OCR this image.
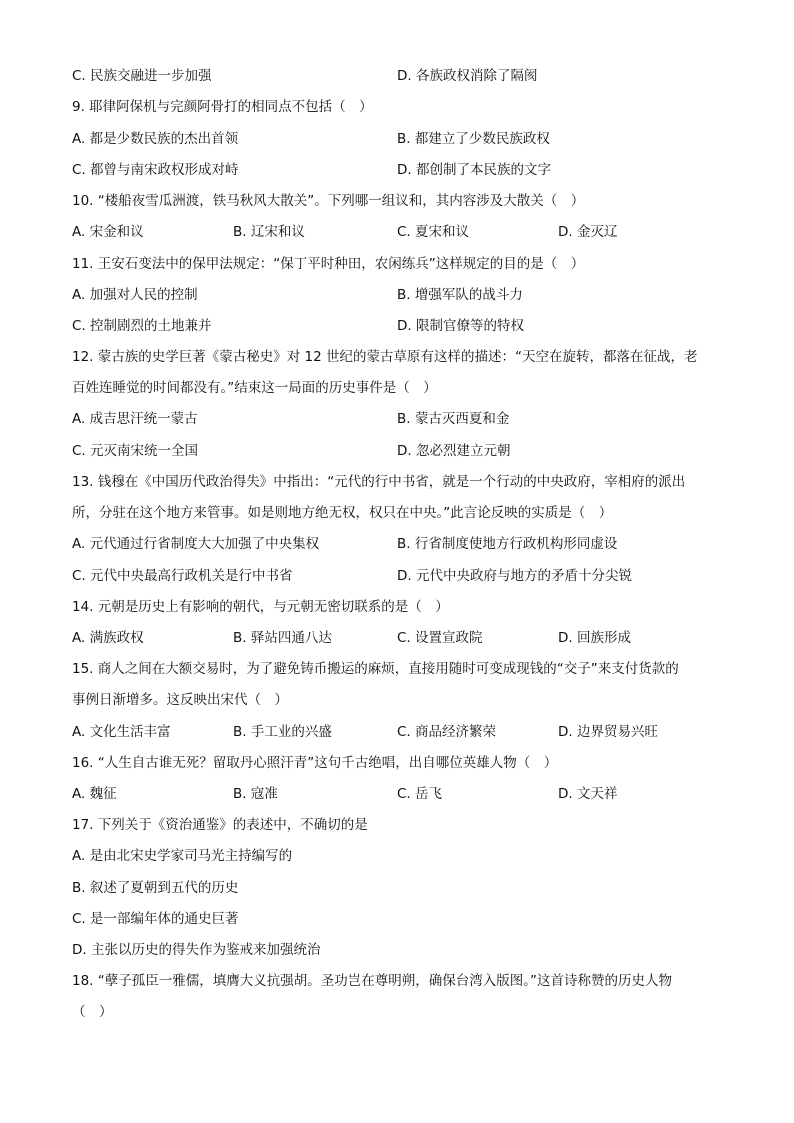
C. 民族交融进一步加强	D. 各族政权消除了隔阂
9. 耶律阿保机与完颜阿骨打的相同点不包括（　）
A. 都是少数民族的杰出首领	B. 都建立了少数民族政权
C. 都曾与南宋政权形成对峙	D. 都创制了本民族的文字
10. “楼船夜雪瓜洲渡，铁马秋风大散关”。下列哪一组议和，其内容涉及大散关（　）
A. 宋金和议	B. 辽宋和议	C. 夏宋和议	D. 金灭辽
11. 王安石变法中的保甲法规定：“保丁平时种田，农闲练兵”这样规定的目的是（　）
A. 加强对人民的控制	B. 增强军队的战斗力
C. 控制剧烈的土地兼并	D. 限制官僚等的特权
12. 蒙古族的史学巨著《蒙古秘史》对 12 世纪的蒙古草原有这样的描述：“天空在旋转，都落在征战，老
百姓连睡觉的时间都没有。”结束这一局面的历史事件是（　）
A. 成吉思汗统一蒙古	B. 蒙古灭西夏和金
C. 元灭南宋统一全国	D. 忽必烈建立元朝
13. 钱穆在《中国历代政治得失》中指出：“元代的行中书省，就是一个行动的中央政府，宰相府的派出
所，分驻在这个地方来管事。如是则地方绝无权，权只在中央。”此言论反映的实质是（　）
A. 元代通过行省制度大大加强了中央集权	B. 行省制度使地方行政机构形同虚设
C. 元代中央最高行政机关是行中书省	D. 元代中央政府与地方的矛盾十分尖锐
14. 元朝是历史上有影响的朝代，与元朝无密切联系的是（　）
A. 满族政权	B. 驿站四通八达	C. 设置宣政院	D. 回族形成
15. 商人之间在大额交易时，为了避免铸币搬运的麻烦，直接用随时可变成现钱的“交子”来支付货款的
事例日渐增多。这反映出宋代（　）
A. 文化生活丰富	B. 手工业的兴盛	C. 商品经济繁荣	D. 边界贸易兴旺
16. “人生自古谁无死？留取丹心照汗青”这句千古绝唱，出自哪位英雄人物（　）
A. 魏征	B. 寇准	C. 岳飞	D. 文天祥
17. 下列关于《资治通鉴》的表述中，不确切的是
A. 是由北宋史学家司马光主持编写的
B. 叙述了夏朝到五代的历史
C. 是一部编年体的通史巨著
D. 主张以历史的得失作为鉴戒来加强统治
18. “孽子孤臣一雅儒，填膺大义抗强胡。圣功岂在尊明朔，确保台湾入版图。”这首诗称赞的历史人物
（　）
